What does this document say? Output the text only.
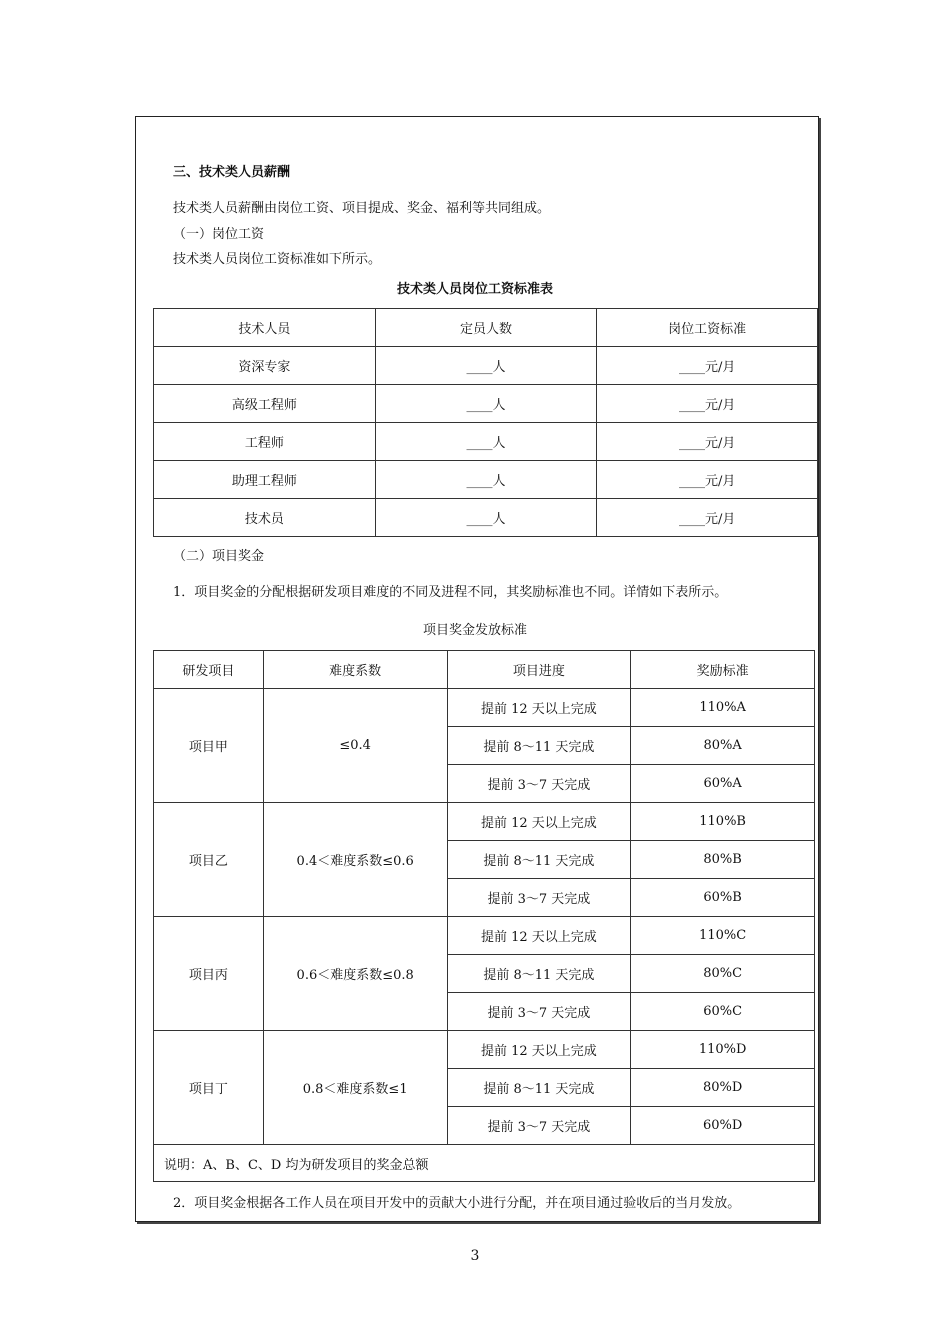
三、技术类人员薪酬
技术类人员薪酬由岗位工资、项目提成、奖金、福利等共同组成。
（一）岗位工资
技术类人员岗位工资标准如下所示。
技术类人员岗位工资标准表
技术人员	定员人数	岗位工资标准
资深专家	____人	____元/月
高级工程师	____人	____元/月
工程师	____人	____元/月
助理工程师	____人	____元/月
技术员	____人	____元/月
（二）项目奖金
1．项目奖金的分配根据研发项目难度的不同及进程不同，其奖励标准也不同。详情如下表所示。
项目奖金发放标准
研发项目	难度系数	项目进度	奖励标准
项目甲	≤0.4	提前 12 天以上完成	110%A
		提前 8～11 天完成	80%A
		提前 3～7 天完成	60%A
项目乙	0.4＜难度系数≤0.6	提前 12 天以上完成	110%B
		提前 8～11 天完成	80%B
		提前 3～7 天完成	60%B
项目丙	0.6＜难度系数≤0.8	提前 12 天以上完成	110%C
		提前 8～11 天完成	80%C
		提前 3～7 天完成	60%C
项目丁	0.8＜难度系数≤1	提前 12 天以上完成	110%D
		提前 8～11 天完成	80%D
		提前 3～7 天完成	60%D
说明：A、B、C、D 均为研发项目的奖金总额			
2．项目奖金根据各工作人员在项目开发中的贡献大小进行分配，并在项目通过验收后的当月发放。
3
